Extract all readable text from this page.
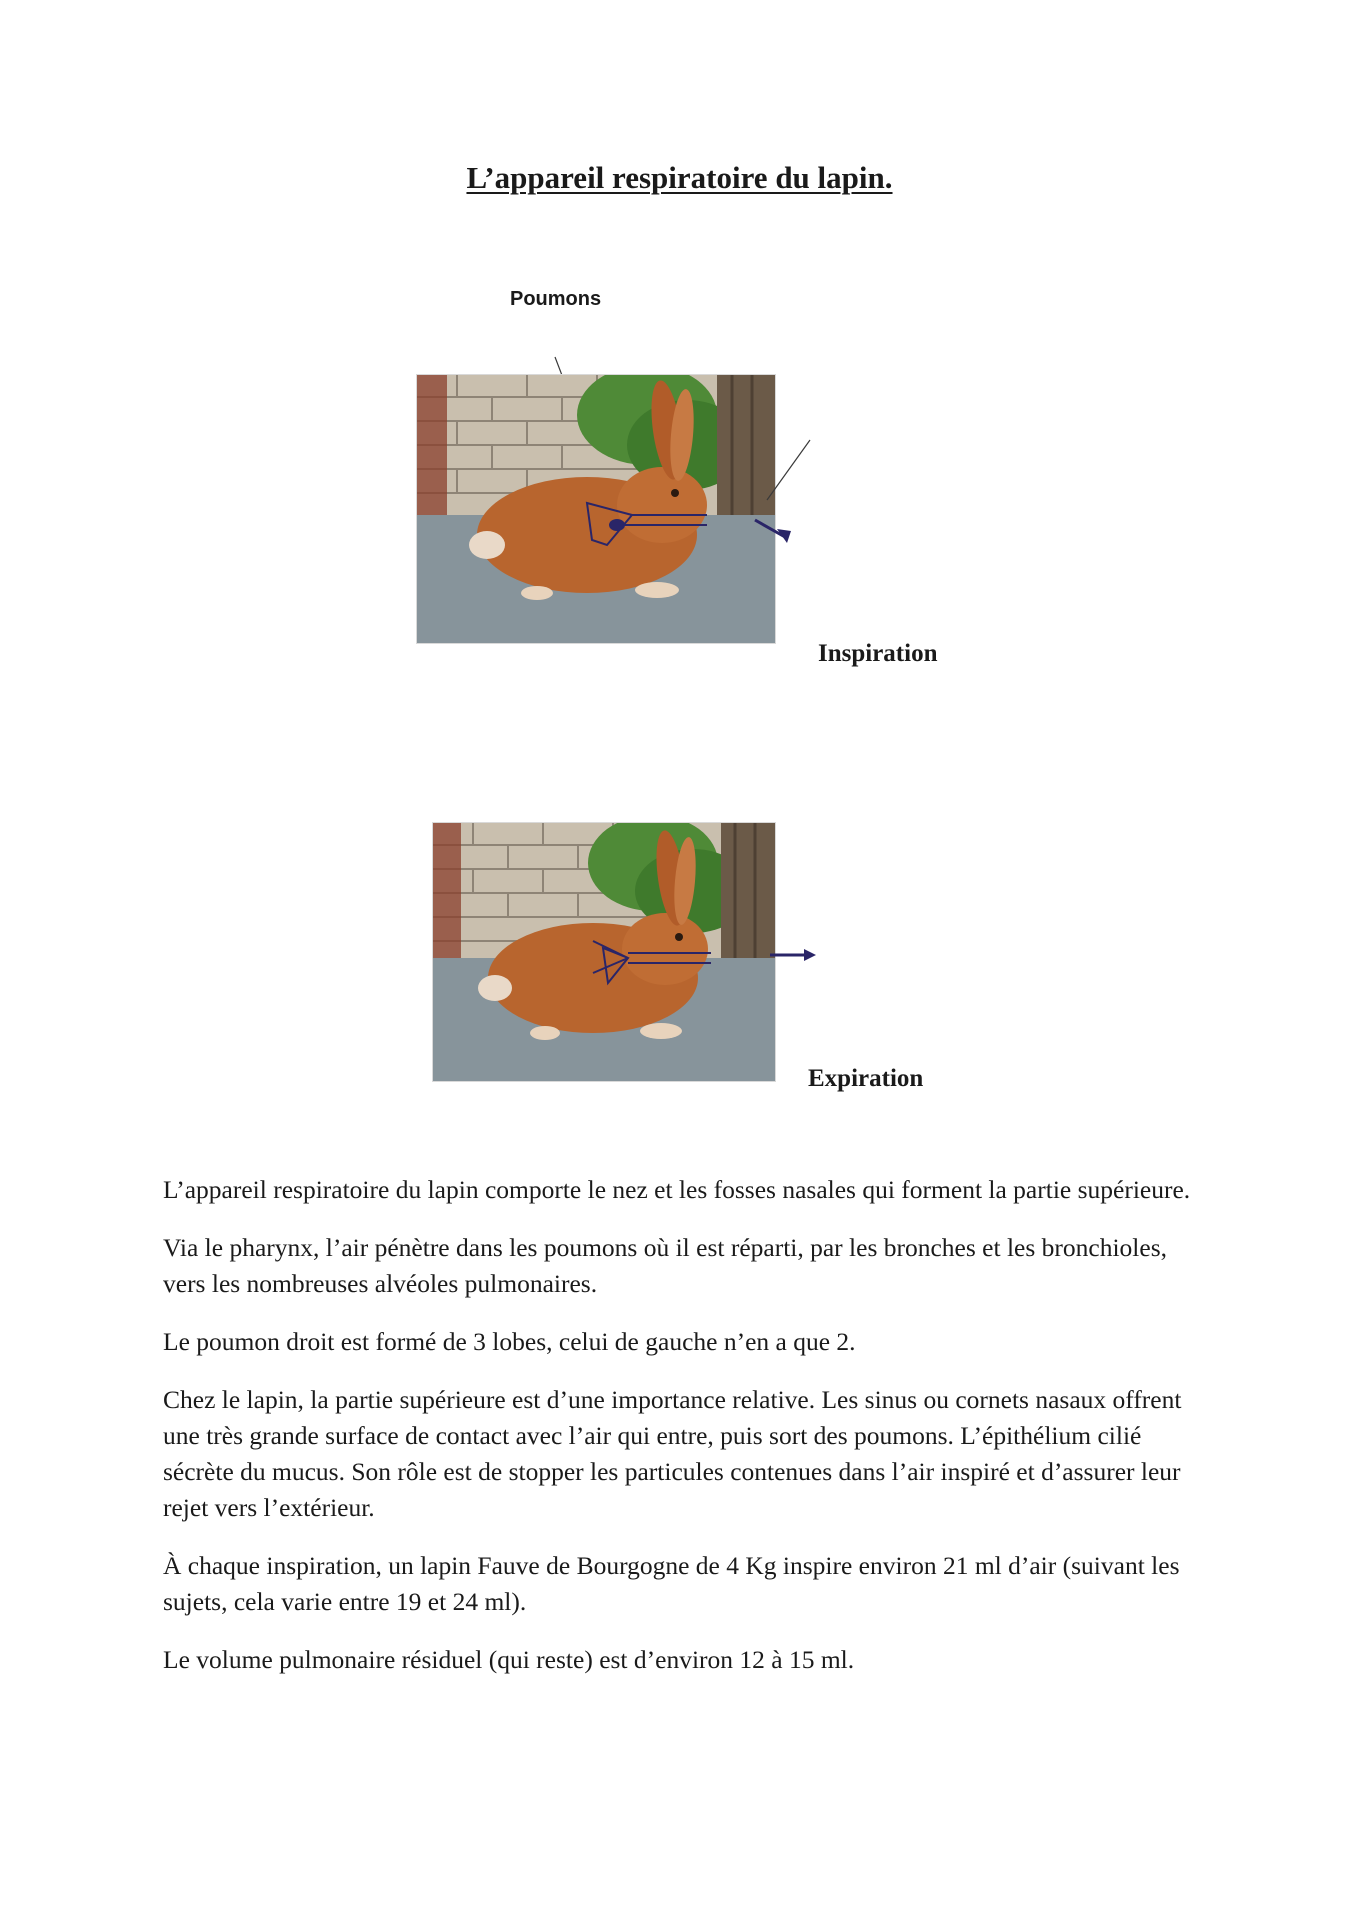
L’appareil respiratoire du lapin.
Poumons
Inspiration
Expiration

L’appareil respiratoire du lapin comporte le nez et les fosses nasales qui forment la partie supérieure.

Via le pharynx, l’air pénètre dans les poumons où il est réparti, par les bronches et les bronchioles, vers les nombreuses alvéoles pulmonaires.

Le poumon droit est formé de 3 lobes, celui de gauche n’en a que 2.

Chez le lapin, la partie supérieure est d’une importance relative. Les sinus ou cornets nasaux offrent une très grande surface de contact avec l’air qui entre, puis sort des poumons. L’épithélium cilié sécrète du mucus. Son rôle est de stopper les particules contenues dans l’air inspiré et d’assurer leur rejet vers l’extérieur.

À chaque inspiration, un lapin Fauve de Bourgogne de 4 Kg inspire environ 21 ml d’air (suivant les sujets, cela varie entre 19 et 24 ml).

Le volume pulmonaire résiduel (qui reste) est d’environ 12 à 15 ml.
